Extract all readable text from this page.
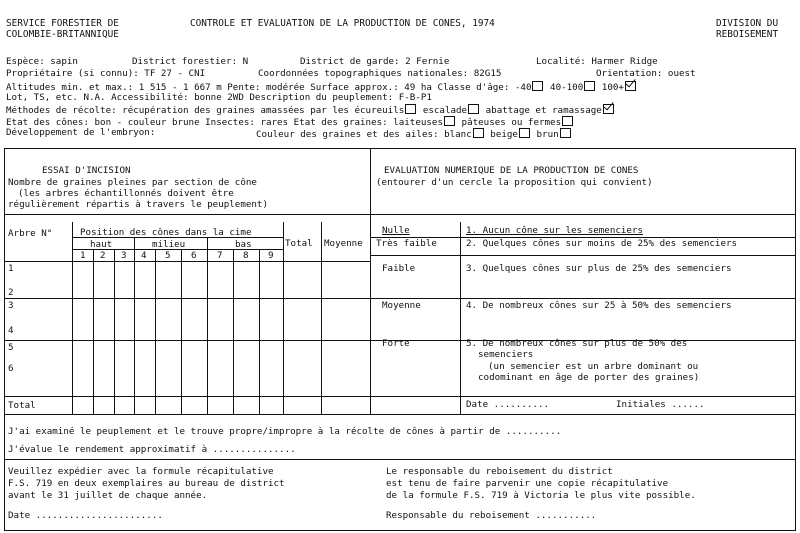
SERVICE FORESTIER DE
COLOMBIE-BRITANNIQUE
CONTROLE ET EVALUATION DE LA PRODUCTION DE CONES, 1974	DIVISION DU
REBOISEMENT
Espèce: sapin	District forestier: N	District de garde: 2 Fernie	Localité: Harmer Ridge
Propriétaire (si connu): TF 27 - CNI	Coordonnées topographiques nationales: 82G15	Orientation: ouest
Altitudes min. et max.: 1 515 - 1 667 m Pente: modérée Surface approx.: 49 ha Classe d'âge: -40 40-100 100+
Lot, TS, etc. N.A. Accessibilité: bonne 2WD Description du peuplement: F-B-P1
Méthodes de récolte: récupération des graines amassées par les écureuils escalade abattage et ramassage
Etat des cônes: bon - couleur brune Insectes: rares Etat des graines: laiteuses pâteuses ou fermes
Développement de l'embryon:	Couleur des graines et des ailes: blanc beige brun
ESSAI D'INCISION
Nombre de graines pleines par section de cône
(les arbres échantillonnés doivent être
régulièrement répartis à travers le peuplement)
EVALUATION NUMERIQUE DE LA PRODUCTION DE CONES
(entourer d'un cercle la proposition qui convient)
Arbre N°	Position des cônes dans la cime
haut	milieu	bas	Total Moyenne
1 2 3 4 5 6 7 8 9
1
2
3
4
5
6
Nulle	1. Aucun cône sur les semenciers
Très faible	2. Quelques cônes sur moins de 25% des semenciers
Faible	3. Quelques cônes sur plus de 25% des semenciers
Moyenne	4. De nombreux cônes sur 25 à 50% des semenciers
Forte	5. De nombreux cônes sur plus de 50% des
semenciers
(un semencier est un arbre dominant ou
codominant en âge de porter des graines)
Total	Date ..........	Initiales ......
J'ai examiné le peuplement et le trouve propre/impropre à la récolte de cônes à partir de ..........
J'évalue le rendement approximatif à ...............
Veuillez expédier avec la formule récapitulative
F.S. 719 en deux exemplaires au bureau de district
avant le 31 juillet de chaque année.
Le responsable du reboisement du district
est tenu de faire parvenir une copie récapitulative
de la formule F.S. 719 à Victoria le plus vite possible.
Date .......................	Responsable du reboisement ...........
